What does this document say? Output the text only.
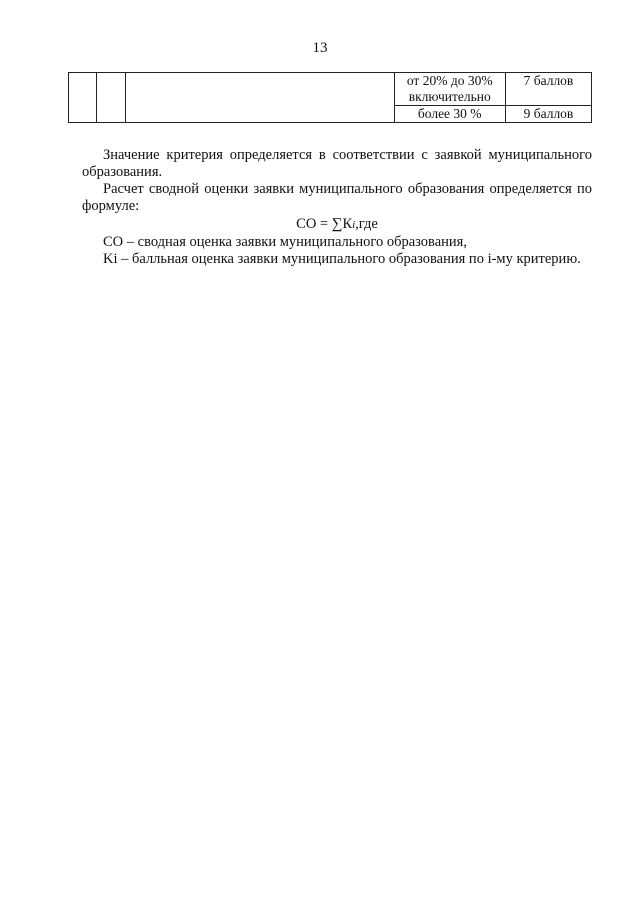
13
			от 20% до 30% включительно	7 баллов
			более 30 %	9 баллов

Значение критерия определяется в соответствии с заявкой муниципального образования.

Расчет сводной оценки заявки муниципального образования определяется по формуле:

СО = ∑Кi,где

СО – сводная оценка заявки муниципального образования,

Ki – балльная оценка заявки муниципального образования по i-му критерию.
